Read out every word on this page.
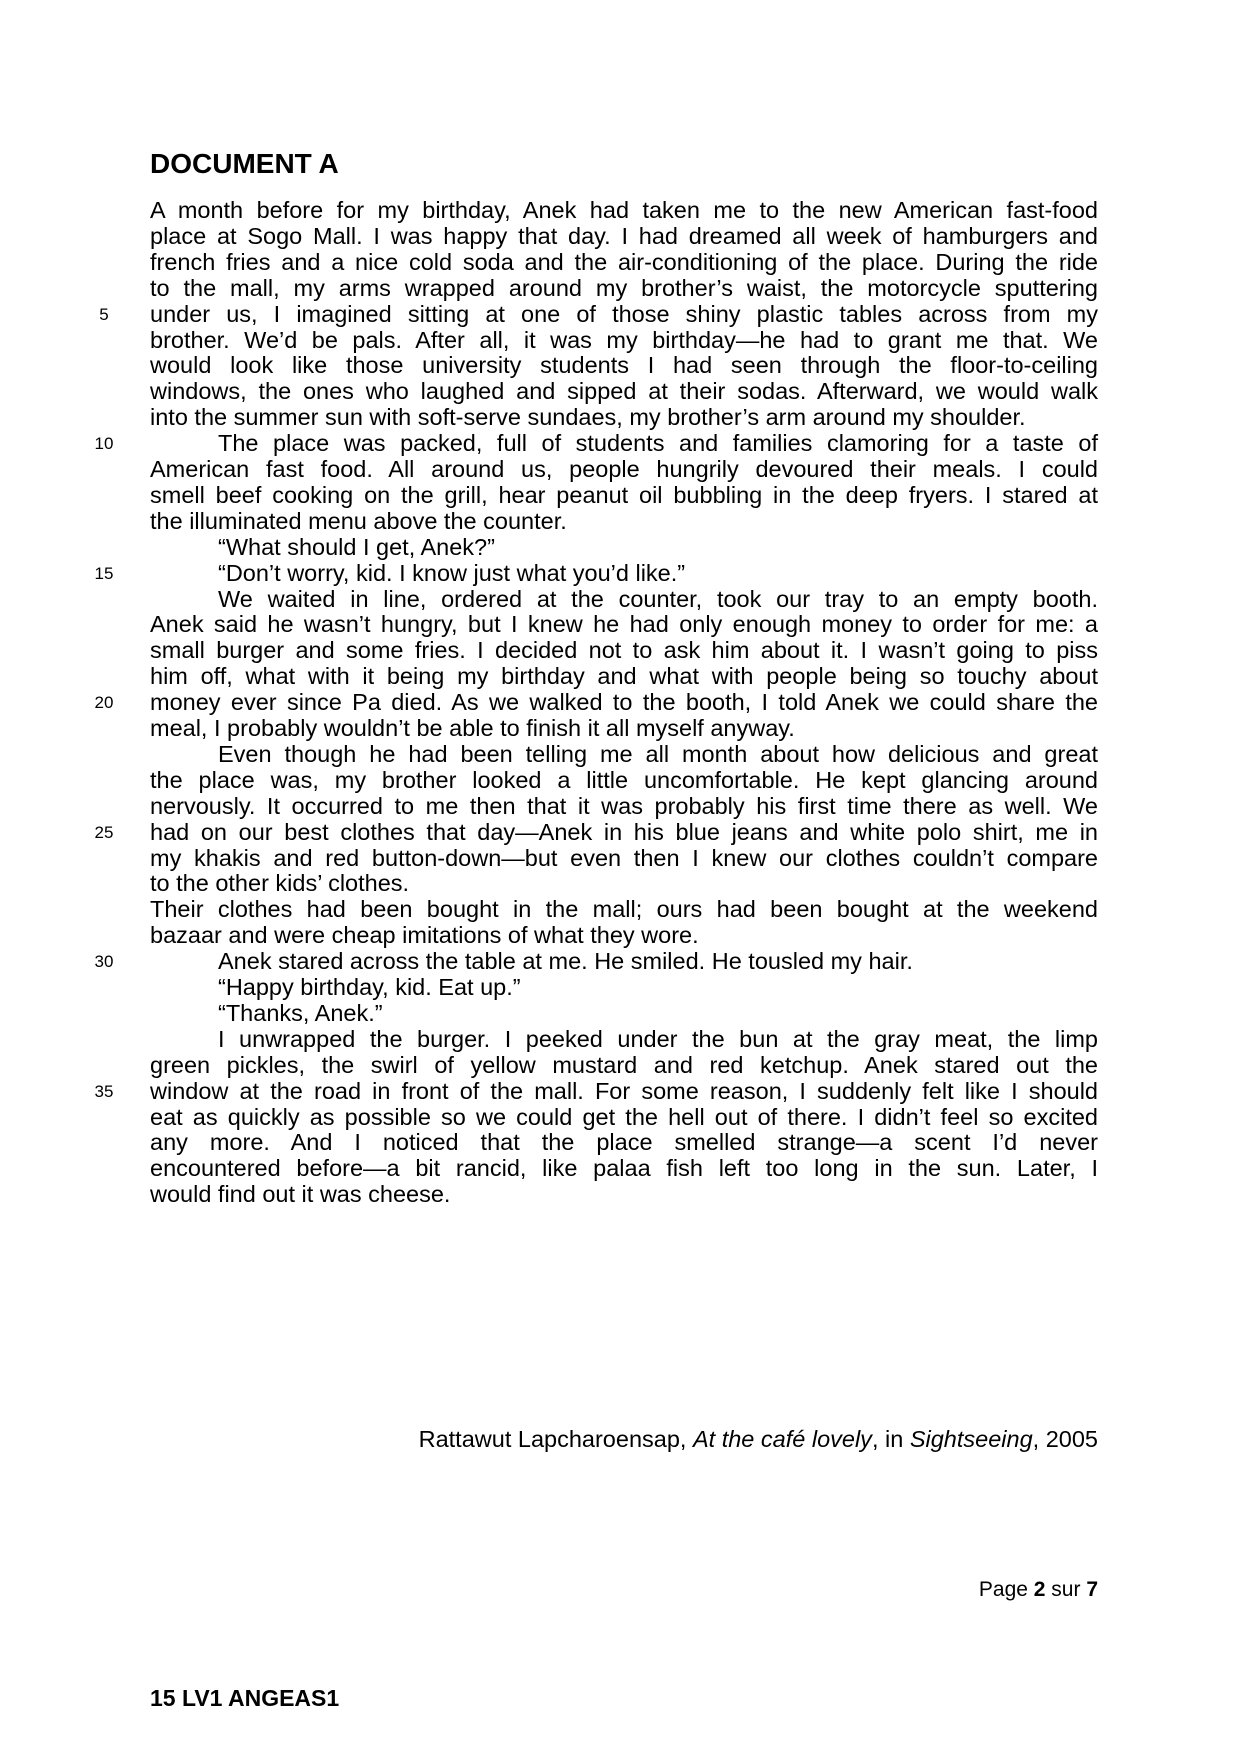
DOCUMENT A
A month before for my birthday, Anek had taken me to the new American fast-food
place at Sogo Mall. I was happy that day. I had dreamed all week of hamburgers and
french fries and a nice cold soda and the air-conditioning of the place. During the ride
to the mall, my arms wrapped around my brother’s waist, the motorcycle sputtering
under us, I imagined sitting at one of those shiny plastic tables across from my
brother. We’d be pals. After all, it was my birthday—he had to grant me that. We
would look like those university students I had seen through the floor-to-ceiling
windows, the ones who laughed and sipped at their sodas. Afterward, we would walk
into the summer sun with soft-serve sundaes, my brother’s arm around my shoulder.
The place was packed, full of students and families clamoring for a taste of
American fast food. All around us, people hungrily devoured their meals. I could
smell beef cooking on the grill, hear peanut oil bubbling in the deep fryers. I stared at
the illuminated menu above the counter.
“What should I get, Anek?”
“Don’t worry, kid. I know just what you’d like.”
We waited in line, ordered at the counter, took our tray to an empty booth.
Anek said he wasn’t hungry, but I knew he had only enough money to order for me: a
small burger and some fries. I decided not to ask him about it. I wasn’t going to piss
him off, what with it being my birthday and what with people being so touchy about
money ever since Pa died. As we walked to the booth, I told Anek we could share the
meal, I probably wouldn’t be able to finish it all myself anyway.
Even though he had been telling me all month about how delicious and great
the place was, my brother looked a little uncomfortable. He kept glancing around
nervously. It occurred to me then that it was probably his first time there as well. We
had on our best clothes that day—Anek in his blue jeans and white polo shirt, me in
my khakis and red button-down—but even then I knew our clothes couldn’t compare
to the other kids’ clothes.
Their clothes had been bought in the mall; ours had been bought at the weekend
bazaar and were cheap imitations of what they wore.
Anek stared across the table at me. He smiled. He tousled my hair.
“Happy birthday, kid. Eat up.”
“Thanks, Anek.”
I unwrapped the burger. I peeked under the bun at the gray meat, the limp
green pickles, the swirl of yellow mustard and red ketchup. Anek stared out the
window at the road in front of the mall. For some reason, I suddenly felt like I should
eat as quickly as possible so we could get the hell out of there. I didn’t feel so excited
any more. And I noticed that the place smelled strange—a scent I’d never
encountered before—a bit rancid, like palaa fish left too long in the sun. Later, I
would find out it was cheese.
5
10
15
20
25
30
35
Rattawut Lapcharoensap, At the café lovely, in Sightseeing, 2005
Page 2 sur 7
15 LV1 ANGEAS1
